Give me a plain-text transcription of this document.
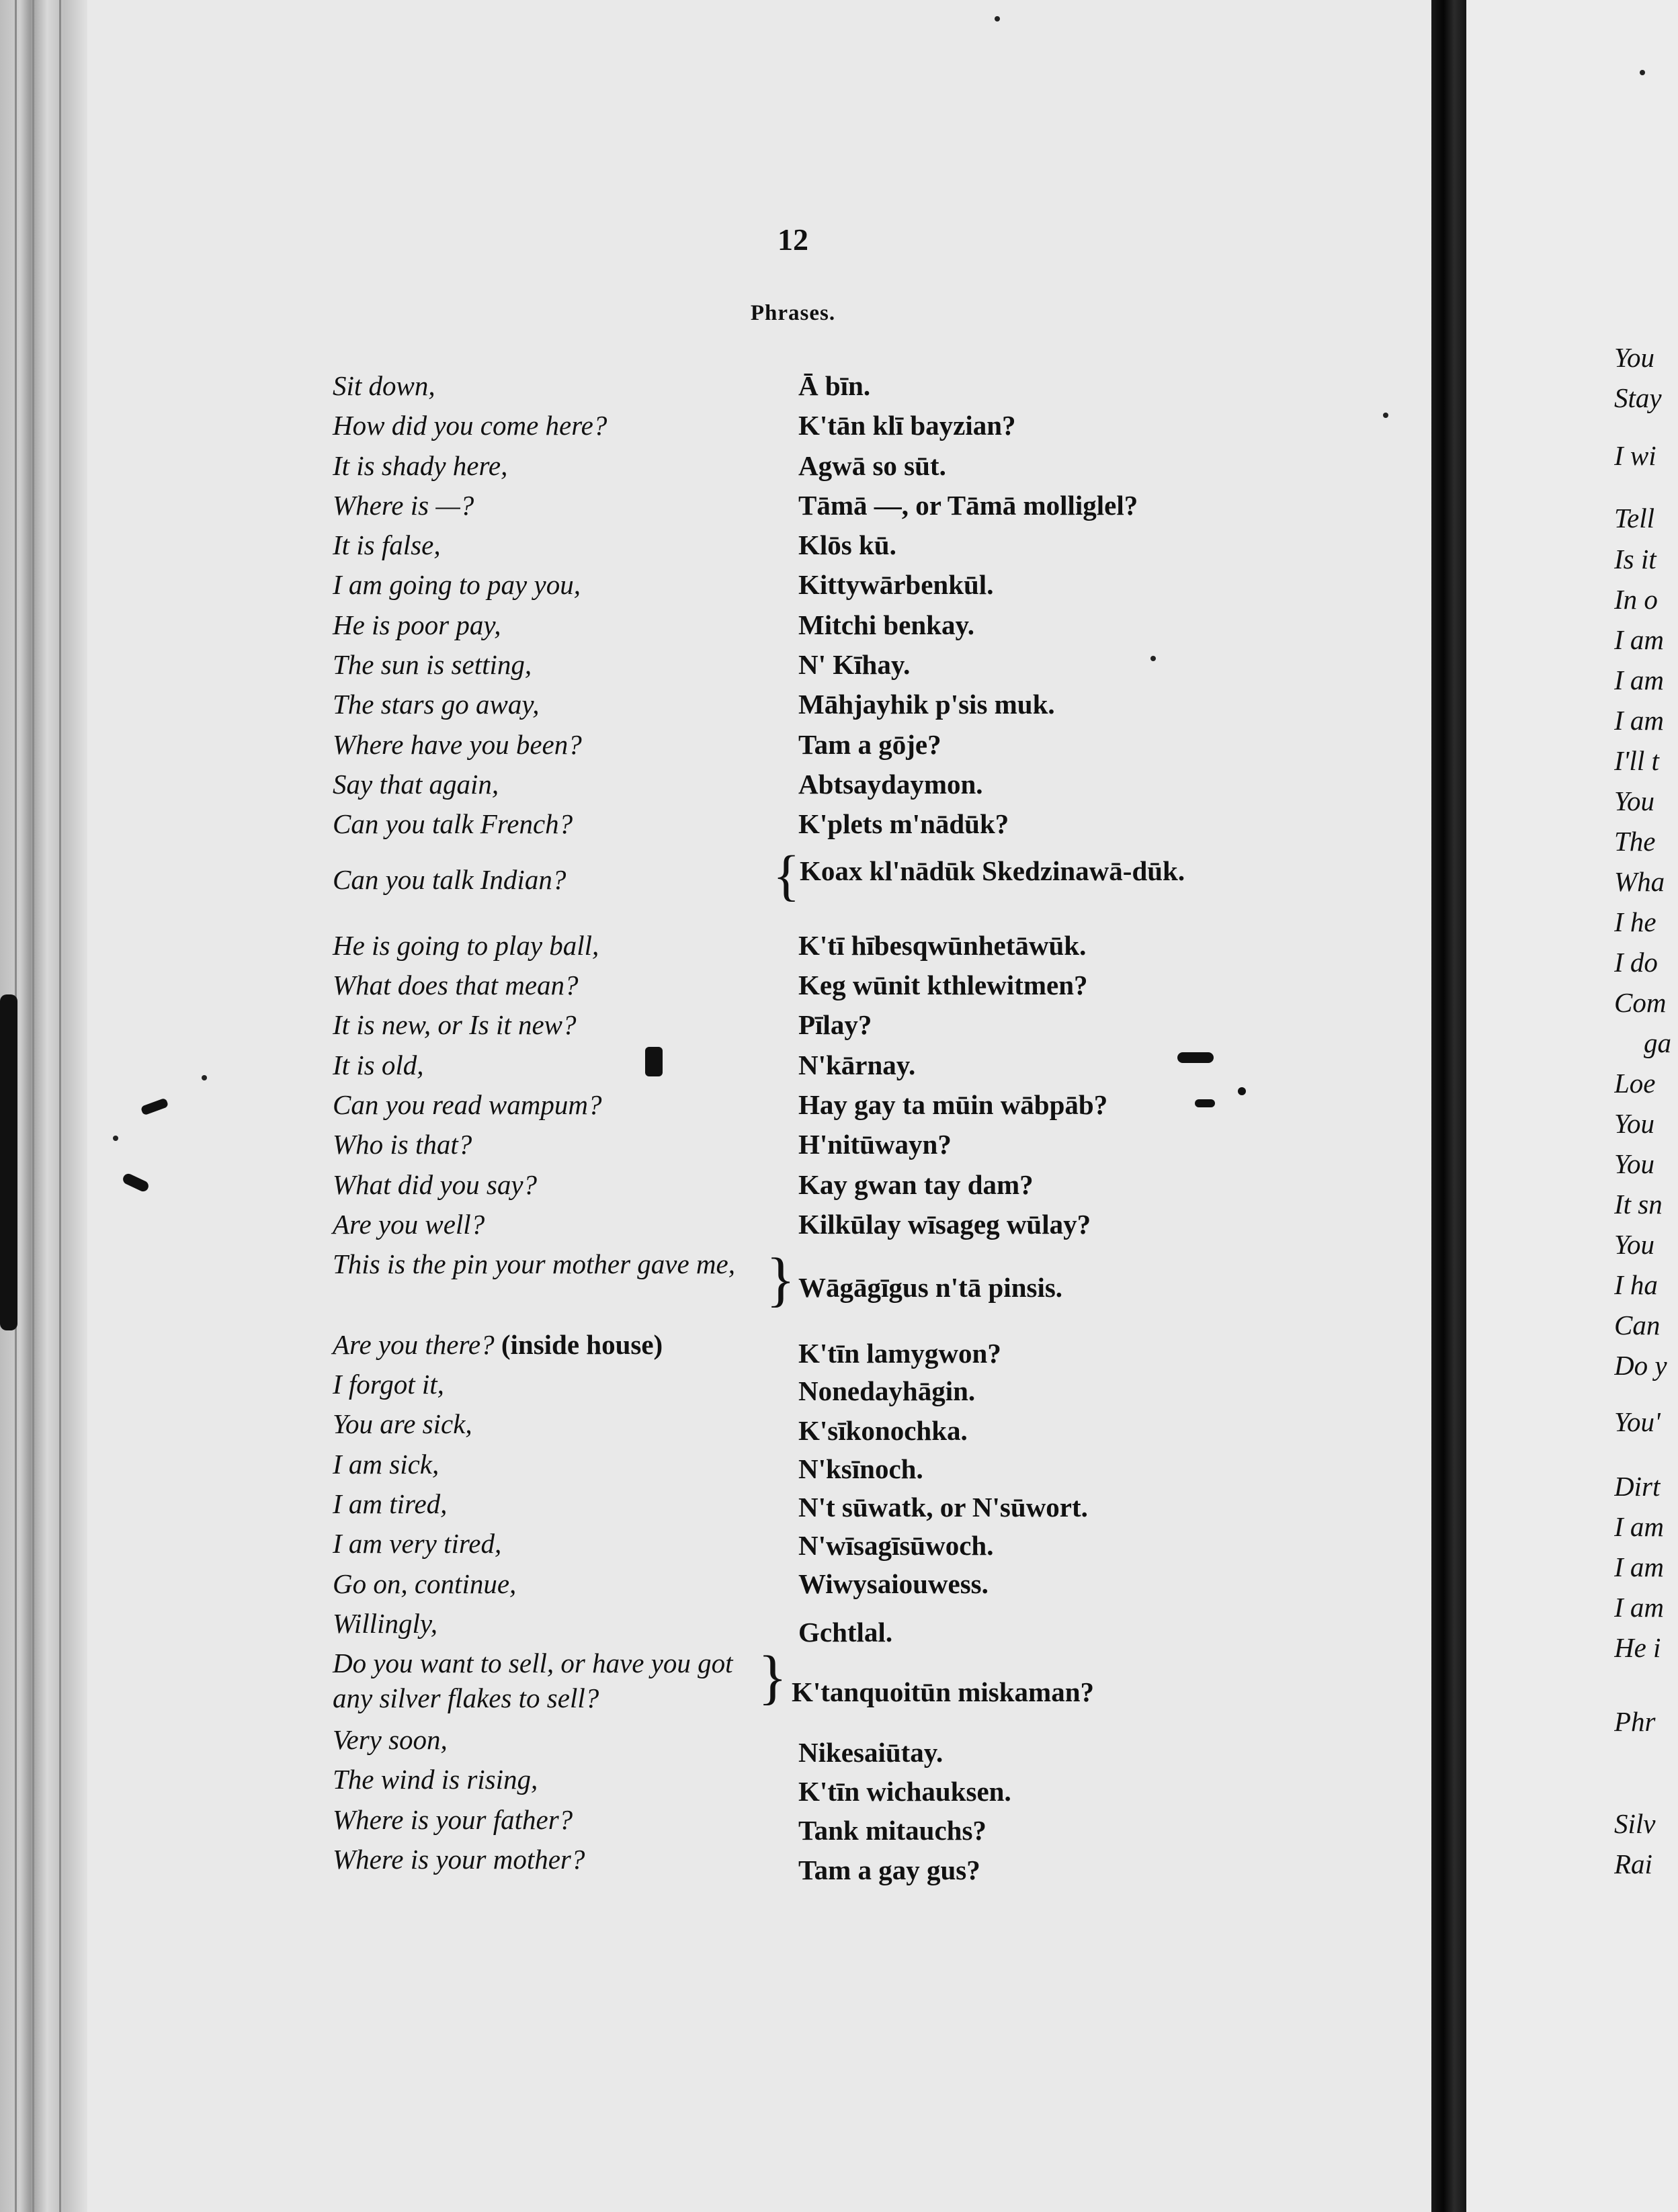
12
Phrases.
Sit down,
How did you come here?
It is shady here,
Where is —?
It is false,
I am going to pay you,
He is poor pay,
The sun is setting,
The stars go away,
Where have you been?
Say that again,
Can you talk French?
Can you talk Indian?
He is going to play ball,
What does that mean?
It is new, or Is it new?
It is old,
Can you read wampum?
Who is that?
What did you say?
Are you well?
This is the pin your mother gave me,
Are you there? (inside house)
I forgot it,
You are sick,
I am sick,
I am tired,
I am very tired,
Go on, continue,
Willingly,
Do you want to sell, or have you got any silver flakes to sell?
Very soon,
The wind is rising,
Where is your father?
Where is your mother?
{
}
}
Ā bīn.
K'tān klī bayzian?
Agwā so sūt.
Tāmā —, or Tāmā molliglel?
Klōs kū.
Kittywārbenkūl.
Mitchi benkay.
N' Kīhay.
Māhjayhik p'sis muk.
Tam a gōje?
Abtsaydaymon.
K'plets m'nādūk?
Koax kl'nādūk Skedzinawā-dūk.
K'tī hībesqwūnhetāwūk.
Keg wūnit kthlewitmen?
Pīlay?
N'kārnay.
Hay gay ta mūin wābpāb?
H'nitūwayn?
Kay gwan tay dam?
Kilkūlay wīsageg wūlay?
Wāgāgīgus n'tā pinsis.
K'tīn lamygwon?
Nonedayhāgin.
K'sīkonochka.
N'ksīnoch.
N't sūwatk, or N'sūwort.
N'wīsagīsūwoch.
Wiwysaiouwess.
Gchtlal.
K'tanquoitūn miskaman?
Nikesaiūtay.
K'tīn wichauksen.
Tank mitauchs?
Tam a gay gus?
You
Stay
I wi
Tell
Is it
In o
I am
I am
I am
I'll t
You
The
Wha
I he
I do
Com
ga
Loe
You
You
It sn
You
I ha
Can
Do y
You'
Dirt
I am
I am
I am
He i
Phr
Silv
Rai
